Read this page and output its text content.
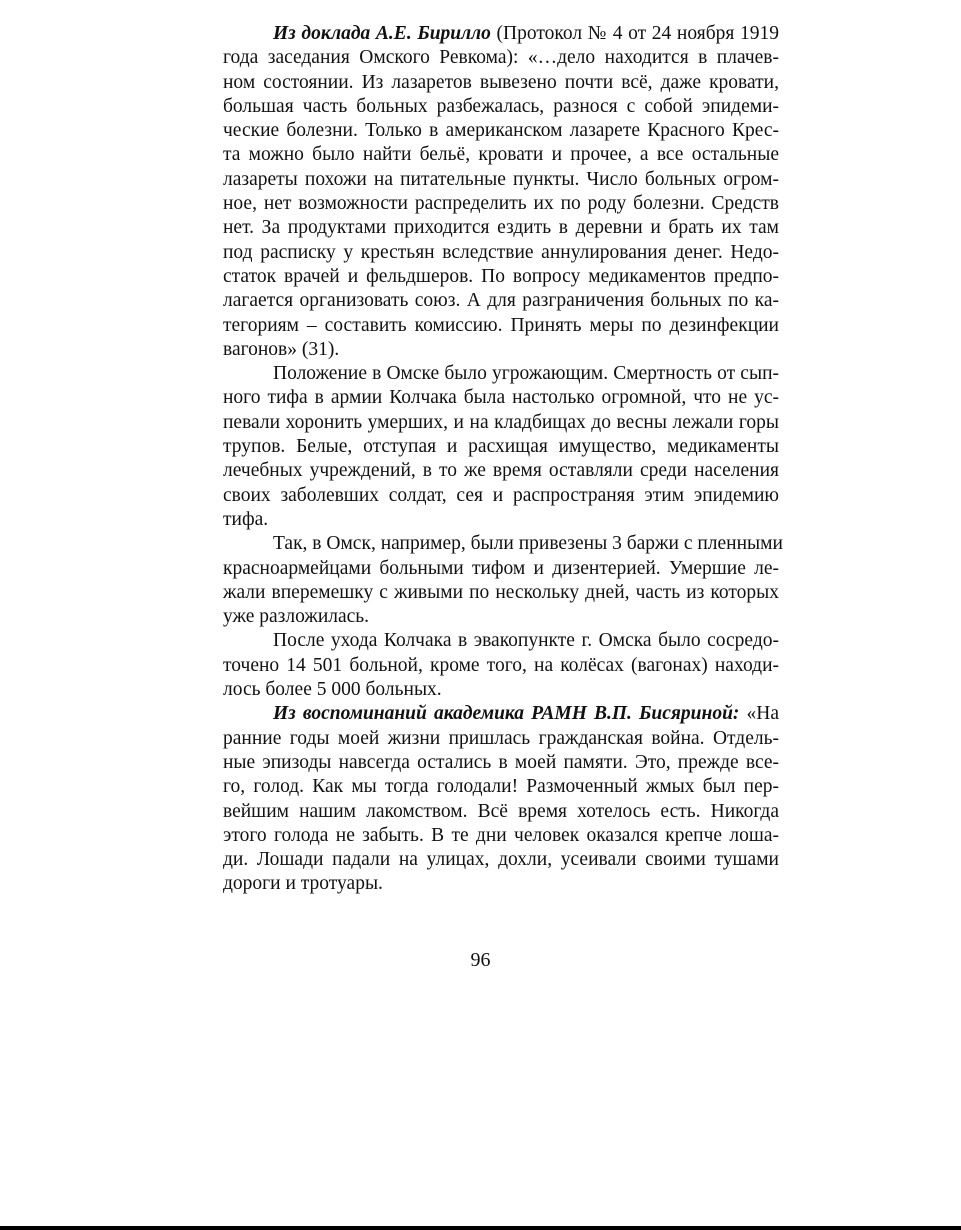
Из доклада А.Е. Бирилло (Протокол № 4 от 24 ноября 1919
года заседания Омского Ревкома): «…дело находится в плачев-
ном состоянии. Из лазаретов вывезено почти всё, даже кровати,
большая часть больных разбежалась, разнося с собой эпидеми-
ческие болезни. Только в американском лазарете Красного Крес-
та можно было найти бельё, кровати и прочее, а все остальные
лазареты похожи на питательные пункты. Число больных огром-
ное, нет возможности распределить их по роду болезни. Средств
нет. За продуктами приходится ездить в деревни и брать их там
под расписку у крестьян вследствие аннулирования денег. Недо-
статок врачей и фельдшеров. По вопросу медикаментов предпо-
лагается организовать союз. А для разграничения больных по ка-
тегориям – составить комиссию. Принять меры по дезинфекции
вагонов» (31).
Положение в Омске было угрожающим. Смертность от сып-
ного тифа в армии Колчака была настолько огромной, что не ус-
певали хоронить умерших, и на кладбищах до весны лежали горы
трупов. Белые, отступая и расхищая имущество, медикаменты
лечебных учреждений, в то же время оставляли среди населения
своих заболевших солдат, сея и распространяя этим эпидемию
тифа.
Так, в Омск, например, были привезены 3 баржи с пленными
красноармейцами больными тифом и дизентерией. Умершие ле-
жали вперемешку с живыми по нескольку дней, часть из которых
уже разложилась.
После ухода Колчака в эвакопункте г. Омска было сосредо-
точено 14 501 больной, кроме того, на колёсах (вагонах) находи-
лось более 5 000 больных.
Из воспоминаний академика РАМН В.П. Бисяриной: «На
ранние годы моей жизни пришлась гражданская война. Отдель-
ные эпизоды навсегда остались в моей памяти. Это, прежде все-
го, голод. Как мы тогда голодали! Размоченный жмых был пер-
вейшим нашим лакомством. Всё время хотелось есть. Никогда
этого голода не забыть. В те дни человек оказался крепче лоша-
ди. Лошади падали на улицах, дохли, усеивали своими тушами
дороги и тротуары.
96
